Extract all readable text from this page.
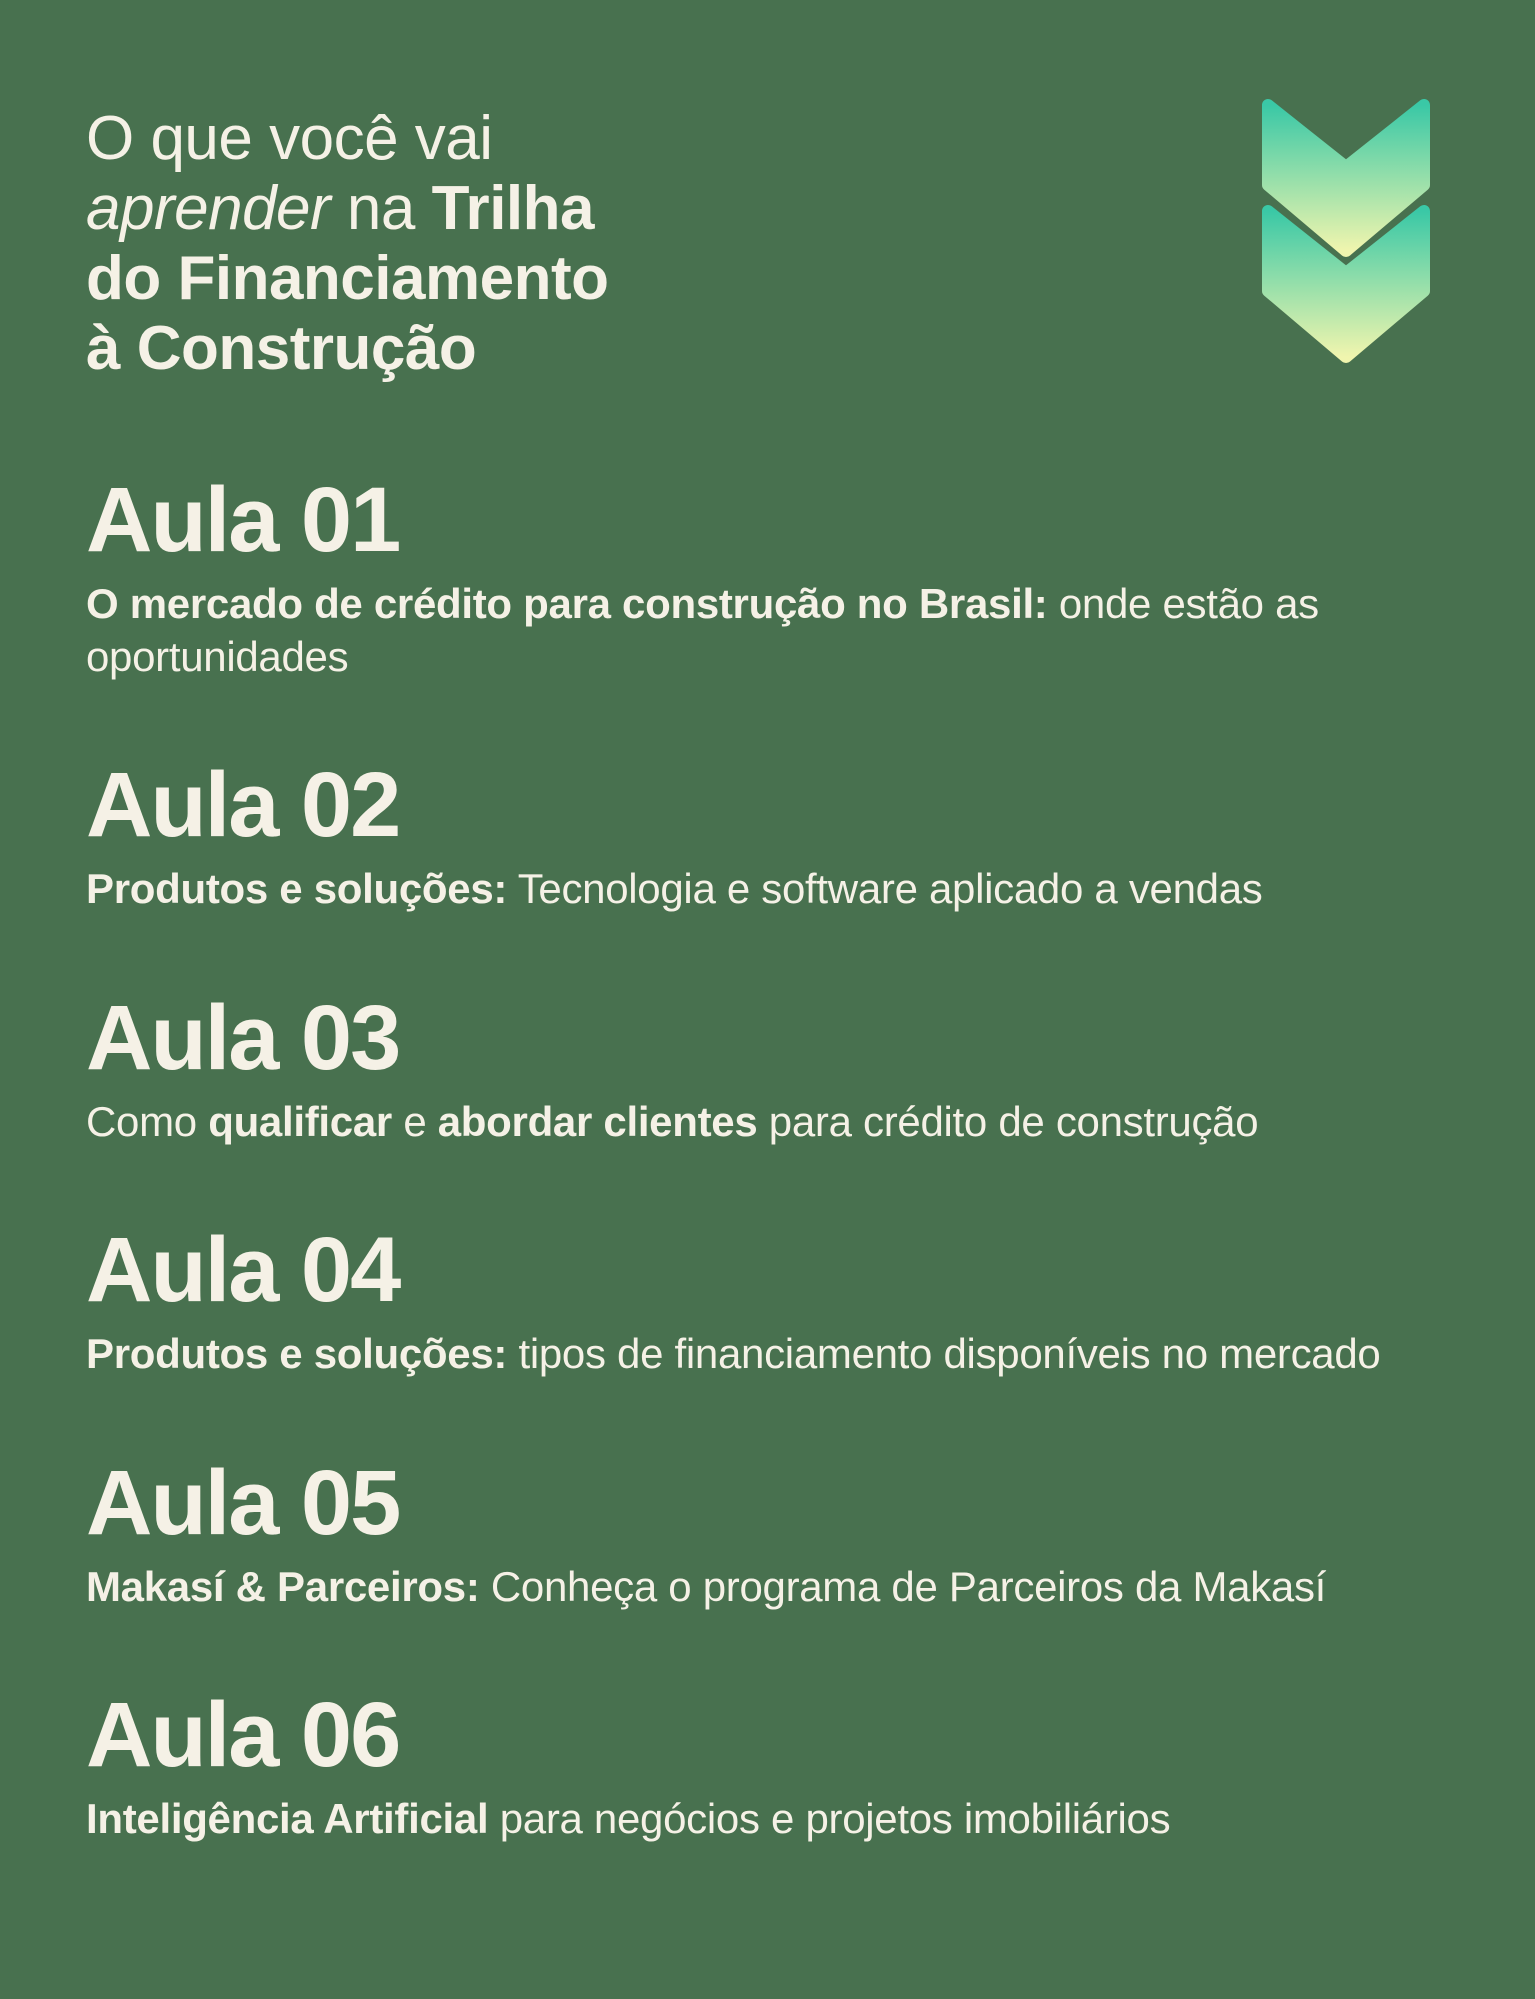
O que você vai
aprender na Trilha
do Financiamento
à Construção
Aula 01

O mercado de crédito para construção no Brasil: onde estão as oportunidades

Aula 02

Produtos e soluções: Tecnologia e software aplicado a vendas

Aula 03

Como qualificar e abordar clientes para crédito de construção

Aula 04

Produtos e soluções: tipos de financiamento disponíveis no mercado

Aula 05

Makasí & Parceiros: Conheça o programa de Parceiros da Makasí

Aula 06

Inteligência Artificial para negócios e projetos imobiliários
